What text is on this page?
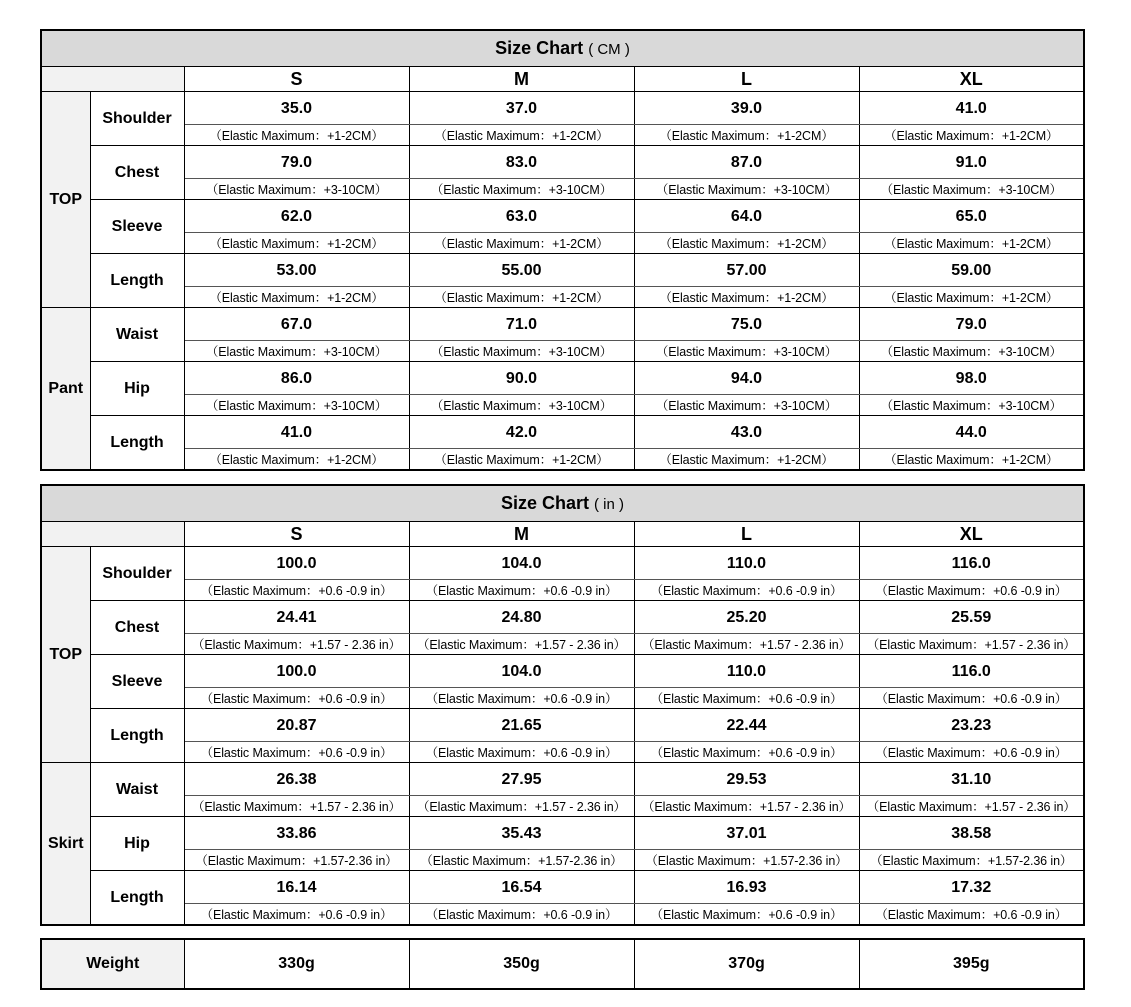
Size Chart ( CM )					
		S	M	L	XL
TOP	Shoulder	35.0	37.0	39.0	41.0
		（Elastic Maximum：+1-2CM）	（Elastic Maximum：+1-2CM）	（Elastic Maximum：+1-2CM）	（Elastic Maximum：+1-2CM）
	Chest	79.0	83.0	87.0	91.0
		（Elastic Maximum：+3-10CM）	（Elastic Maximum：+3-10CM）	（Elastic Maximum：+3-10CM）	（Elastic Maximum：+3-10CM）
	Sleeve	62.0	63.0	64.0	65.0
		（Elastic Maximum：+1-2CM）	（Elastic Maximum：+1-2CM）	（Elastic Maximum：+1-2CM）	（Elastic Maximum：+1-2CM）
	Length	53.00	55.00	57.00	59.00
		（Elastic Maximum：+1-2CM）	（Elastic Maximum：+1-2CM）	（Elastic Maximum：+1-2CM）	（Elastic Maximum：+1-2CM）
Pant	Waist	67.0	71.0	75.0	79.0
		（Elastic Maximum：+3-10CM）	（Elastic Maximum：+3-10CM）	（Elastic Maximum：+3-10CM）	（Elastic Maximum：+3-10CM）
	Hip	86.0	90.0	94.0	98.0
		（Elastic Maximum：+3-10CM）	（Elastic Maximum：+3-10CM）	（Elastic Maximum：+3-10CM）	（Elastic Maximum：+3-10CM）
	Length	41.0	42.0	43.0	44.0
		（Elastic Maximum：+1-2CM）	（Elastic Maximum：+1-2CM）	（Elastic Maximum：+1-2CM）	（Elastic Maximum：+1-2CM）
Size Chart ( in )					
		S	M	L	XL
TOP	Shoulder	100.0	104.0	110.0	116.0
		（Elastic Maximum：+0.6 -0.9 in）	（Elastic Maximum：+0.6 -0.9 in）	（Elastic Maximum：+0.6 -0.9 in）	（Elastic Maximum：+0.6 -0.9 in）
	Chest	24.41	24.80	25.20	25.59
		（Elastic Maximum：+1.57 - 2.36 in）	（Elastic Maximum：+1.57 - 2.36 in）	（Elastic Maximum：+1.57 - 2.36 in）	（Elastic Maximum：+1.57 - 2.36 in）
	Sleeve	100.0	104.0	110.0	116.0
		（Elastic Maximum：+0.6 -0.9 in）	（Elastic Maximum：+0.6 -0.9 in）	（Elastic Maximum：+0.6 -0.9 in）	（Elastic Maximum：+0.6 -0.9 in）
	Length	20.87	21.65	22.44	23.23
		（Elastic Maximum：+0.6 -0.9 in）	（Elastic Maximum：+0.6 -0.9 in）	（Elastic Maximum：+0.6 -0.9 in）	（Elastic Maximum：+0.6 -0.9 in）
Skirt	Waist	26.38	27.95	29.53	31.10
		（Elastic Maximum：+1.57 - 2.36 in）	（Elastic Maximum：+1.57 - 2.36 in）	（Elastic Maximum：+1.57 - 2.36 in）	（Elastic Maximum：+1.57 - 2.36 in）
	Hip	33.86	35.43	37.01	38.58
		（Elastic Maximum：+1.57-2.36 in）	（Elastic Maximum：+1.57-2.36 in）	（Elastic Maximum：+1.57-2.36 in）	（Elastic Maximum：+1.57-2.36 in）
	Length	16.14	16.54	16.93	17.32
		（Elastic Maximum：+0.6 -0.9 in）	（Elastic Maximum：+0.6 -0.9 in）	（Elastic Maximum：+0.6 -0.9 in）	（Elastic Maximum：+0.6 -0.9 in）
Weight	330g	350g	370g	395g
